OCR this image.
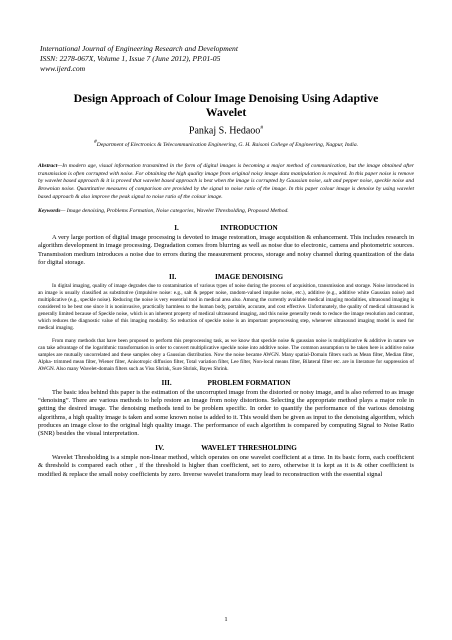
International Journal of Engineering Research and Development
ISSN: 2278-067X, Volume 1, Issue 7 (June 2012), PP.01-05
www.ijerd.com
Design Approach of Colour Image Denoising Using Adaptive
Wavelet
Pankaj S. Hedaoo#
#Department of Electronics & Telecommunication Engineering, G. H. Raisoni College of Engineering, Nagpur, India.
Abstract—In modern age, visual information transmitted in the form of digital images is becoming a major method of communication, but the image obtained after transmission is often corrupted with noise. For obtaining the high quality image from original noisy image data manipulation is required. In this paper noise is remove by wavelet based approach & it is proved that wavelet based approach is best when the image is corrupted by Gaussian noise, salt and pepper noise, speckle noise and Brownian noise. Quantitative measures of comparison are provided by the signal to noise ratio of the image. In this paper colour image is denoise by using wavelet based approach & also improve the peak signal to noise ratio of the colour image.
Keywords— Image denoising, Problems Formation, Noise categories, Wavelet Thresholding, Proposed Method.
I.	INTRODUCTION

A very large portion of digital image processing is devoted to image restoration, image acquisition & enhancement. This includes research in algorithm development in image processing. Degradation comes from blurring as well as noise due to electronic, camera and photometric sources. Transmission medium introduces a noise due to errors during the measurement process, storage and noisy channel during quantization of the data for digital storage.

II.	IMAGE DENOISING

In digital imaging, quality of image degrades due to contamination of various types of noise during the process of acquisition, transmission and storage. Noise introduced in an image is usually classified as substitutive (impulsive noise: e.g., salt & pepper noise, random-valued impulse noise, etc.), additive (e.g., additive white Gaussian noise) and multiplicative (e.g., speckle noise). Reducing the noise is very essential tool in medical area also. Among the currently available medical imaging modalities, ultrasound imaging is considered to be best one since it is noninvasive, practically harmless to the human body, portable, accurate, and cost effective. Unfortunately, the quality of medical ultrasound is generally limited because of Speckle noise, which is an inherent property of medical ultrasound imaging, and this noise generally tends to reduce the image resolution and contrast, which reduces the diagnostic value of this imaging modality. So reduction of speckle noise is an important preprocessing step, whenever ultrasound imaging model is used for medical imaging.

From many methods that have been proposed to perform this preprocessing task, as we know that speckle noise & gaussian noise is multiplicative & additive in nature we can take advantage of the logarithmic transformation in order to convert multiplicative speckle noise into additive noise. The common assumption to be taken here is additive noise samples are mutually uncorrelated and these samples obey a Gaussian distribution. Now the noise became AWGN. Many spatial-Domain filters such as Mean filter, Median filter, Alpha- trimmed mean filter, Wiener filter, Anisotropic diffusion filter, Total variation filter, Lee filter, Non-local means filter, Bilateral filter etc. are in literature for suppression of AWGN. Also many Wavelet-domain filters such as Visu Shrink, Sure Shrink, Bayes Shrink.

III.	PROBLEM FORMATION

The basic idea behind this paper is the estimation of the uncorrupted image from the distorted or noisy image, and is also referred to as image “denoising”. There are various methods to help restore an image from noisy distortions. Selecting the appropriate method plays a major role in getting the desired image. The denoising methods tend to be problem specific. In order to quantify the performance of the various denoising algorithms, a high quality image is taken and some known noise is added to it. This would then be given as input to the denoising algorithm, which produces an image close to the original high quality image. The performance of each algorithm is compared by computing Signal to Noise Ratio (SNR) besides the visual interpretation.

IV.	WAVELET THRESHOLDING

Wavelet Thresholding is a simple non-linear method, which operates on one wavelet coefficient at a time. In its basic form, each coefficient & threshold is compared each other , if the threshold is higher than coefficient, set to zero, otherwise it is kept as it is & other coefficient is modified & replace the small noisy coefficients by zero. Inverse wavelet transform may lead to reconstruction with the essential signal

1
